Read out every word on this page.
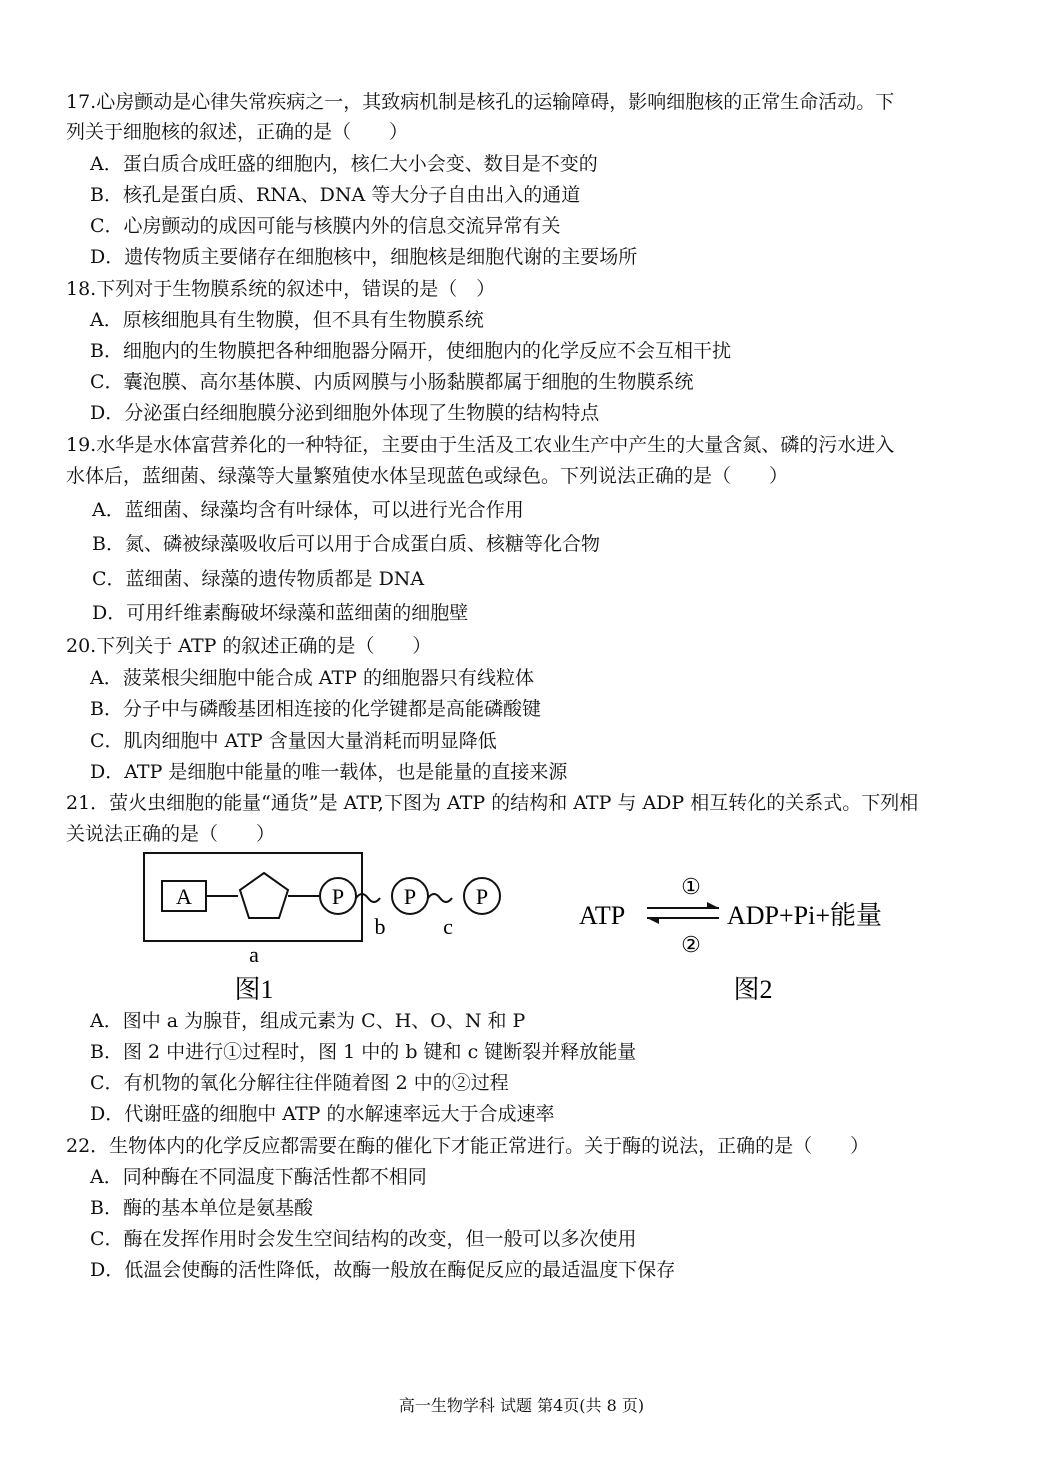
17.心房颤动是心律失常疾病之一，其致病机制是核孔的运输障碍，影响细胞核的正常生命活动。下
列关于细胞核的叙述，正确的是（　　）
A．蛋白质合成旺盛的细胞内，核仁大小会变、数目是不变的
B．核孔是蛋白质、RNA、DNA 等大分子自由出入的通道
C．心房颤动的成因可能与核膜内外的信息交流异常有关
D．遗传物质主要储存在细胞核中，细胞核是细胞代谢的主要场所
18.下列对于生物膜系统的叙述中，错误的是（　）
A．原核细胞具有生物膜，但不具有生物膜系统
B．细胞内的生物膜把各种细胞器分隔开，使细胞内的化学反应不会互相干扰
C．囊泡膜、高尔基体膜、内质网膜与小肠黏膜都属于细胞的生物膜系统
D．分泌蛋白经细胞膜分泌到细胞外体现了生物膜的结构特点
19.水华是水体富营养化的一种特征，主要由于生活及工农业生产中产生的大量含氮、磷的污水进入
水体后，蓝细菌、绿藻等大量繁殖使水体呈现蓝色或绿色。下列说法正确的是（　　）
A．蓝细菌、绿藻均含有叶绿体，可以进行光合作用
B．氮、磷被绿藻吸收后可以用于合成蛋白质、核糖等化合物
C．蓝细菌、绿藻的遗传物质都是 DNA
D．可用纤维素酶破坏绿藻和蓝细菌的细胞壁
20.下列关于 ATP 的叙述正确的是（　　）
A．菠菜根尖细胞中能合成 ATP 的细胞器只有线粒体
B．分子中与磷酸基团相连接的化学键都是高能磷酸键
C．肌肉细胞中 ATP 含量因大量消耗而明显降低
D．ATP 是细胞中能量的唯一载体，也是能量的直接来源
21．萤火虫细胞的能量“通货”是 ATP,下图为 ATP 的结构和 ATP 与 ADP 相互转化的关系式。下列相
关说法正确的是（　　）
A	P	P	P
b	c
a
图1
ATP
①
②
ADP+Pi+能量
图2
A．图中 a 为腺苷，组成元素为 C、H、O、N 和 P
B．图 2 中进行①过程时，图 1 中的 b 键和 c 键断裂并释放能量
C．有机物的氧化分解往往伴随着图 2 中的②过程
D．代谢旺盛的细胞中 ATP 的水解速率远大于合成速率
22．生物体内的化学反应都需要在酶的催化下才能正常进行。关于酶的说法，正确的是（　　）
A．同种酶在不同温度下酶活性都不相同
B．酶的基本单位是氨基酸
C．酶在发挥作用时会发生空间结构的改变，但一般可以多次使用
D．低温会使酶的活性降低，故酶一般放在酶促反应的最适温度下保存
高一生物学科 试题 第4页(共 8 页)
